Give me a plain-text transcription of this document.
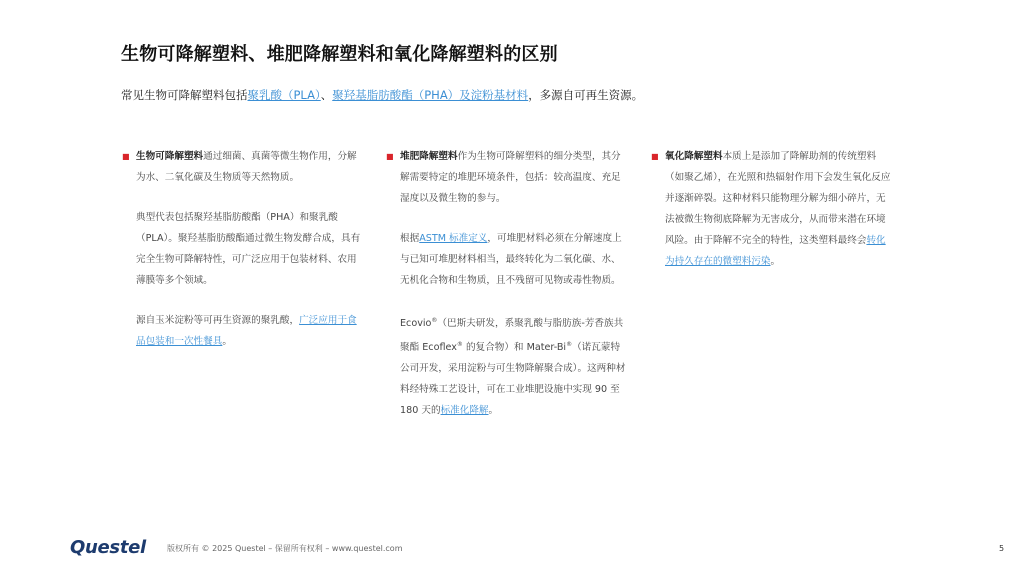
生物可降解塑料、堆肥降解塑料和氧化降解塑料的区别
常见生物可降解塑料包括聚乳酸（PLA）、聚羟基脂肪酸酯（PHA）及淀粉基材料，多源自可再生资源。
■ 生物可降解塑料通过细菌、真菌等微生物作用，分解为水、二氧化碳及生物质等天然物质。

典型代表包括聚羟基脂肪酸酯（PHA）和聚乳酸（PLA）。聚羟基脂肪酸酯通过微生物发酵合成，具有完全生物可降解特性，可广泛应用于包装材料、农用薄膜等多个领域。

源自玉米淀粉等可再生资源的聚乳酸，广泛应用于食品包装和一次性餐具。

■ 堆肥降解塑料作为生物可降解塑料的细分类型，其分解需要特定的堆肥环境条件，包括：较高温度、充足湿度以及微生物的参与。

根据ASTM 标准定义，可堆肥材料必须在分解速度上与已知可堆肥材料相当，最终转化为二氧化碳、水、无机化合物和生物质，且不残留可见物或毒性物质。

Ecovio®（巴斯夫研发，系聚乳酸与脂肪族-芳香族共聚酯 Ecoflex® 的复合物）和 Mater-Bi®（诺瓦蒙特公司开发，采用淀粉与可生物降解聚合成）。这两种材料经特殊工艺设计，可在工业堆肥设施中实现 90 至 180 天的标准化降解。

■ 氧化降解塑料本质上是添加了降解助剂的传统塑料（如聚乙烯），在光照和热辐射作用下会发生氧化反应并逐渐碎裂。这种材料只能物理分解为细小碎片，无法被微生物彻底降解为无害成分，从而带来潜在环境风险。由于降解不完全的特性，这类塑料最终会转化为持久存在的微塑料污染。

Questel	版权所有 © 2025 Questel – 保留所有权利 – www.questel.com	5
